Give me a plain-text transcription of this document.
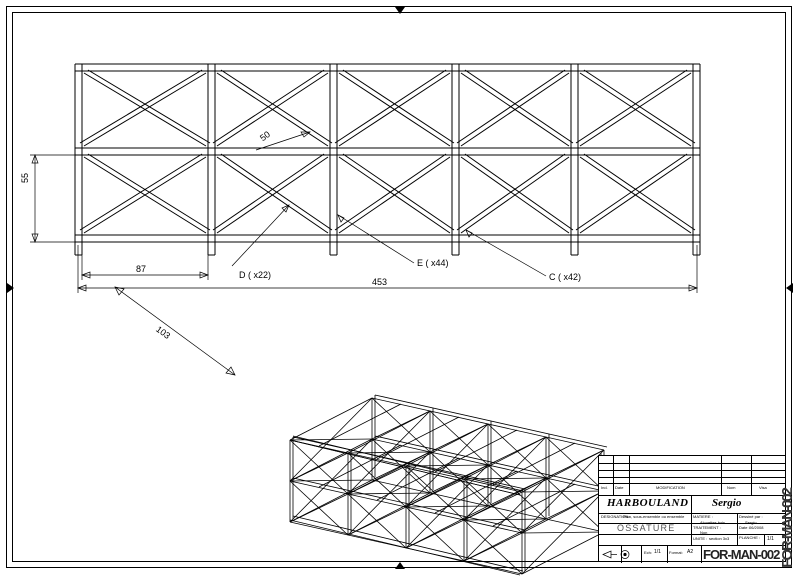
55
50
87
103
453
D ( x22)
E ( x44)
C ( x42)
Ind. Date	MODIFICATION	Nom	Visa
HARBOULAND Sergio
DESIGNATION :
Plan, sous-ensemble ou ensemble
OSSATURE
MATIERE :
Alouettes bois
TRAITEMENT :
Non
UNITE : section 3x3
Dessiné par :
Sergio
Date : 06/2008
PLANCHE : 1/1
Ech: 1/1 Format: A2 FOR-MAN-002 FOR-MAN-002
